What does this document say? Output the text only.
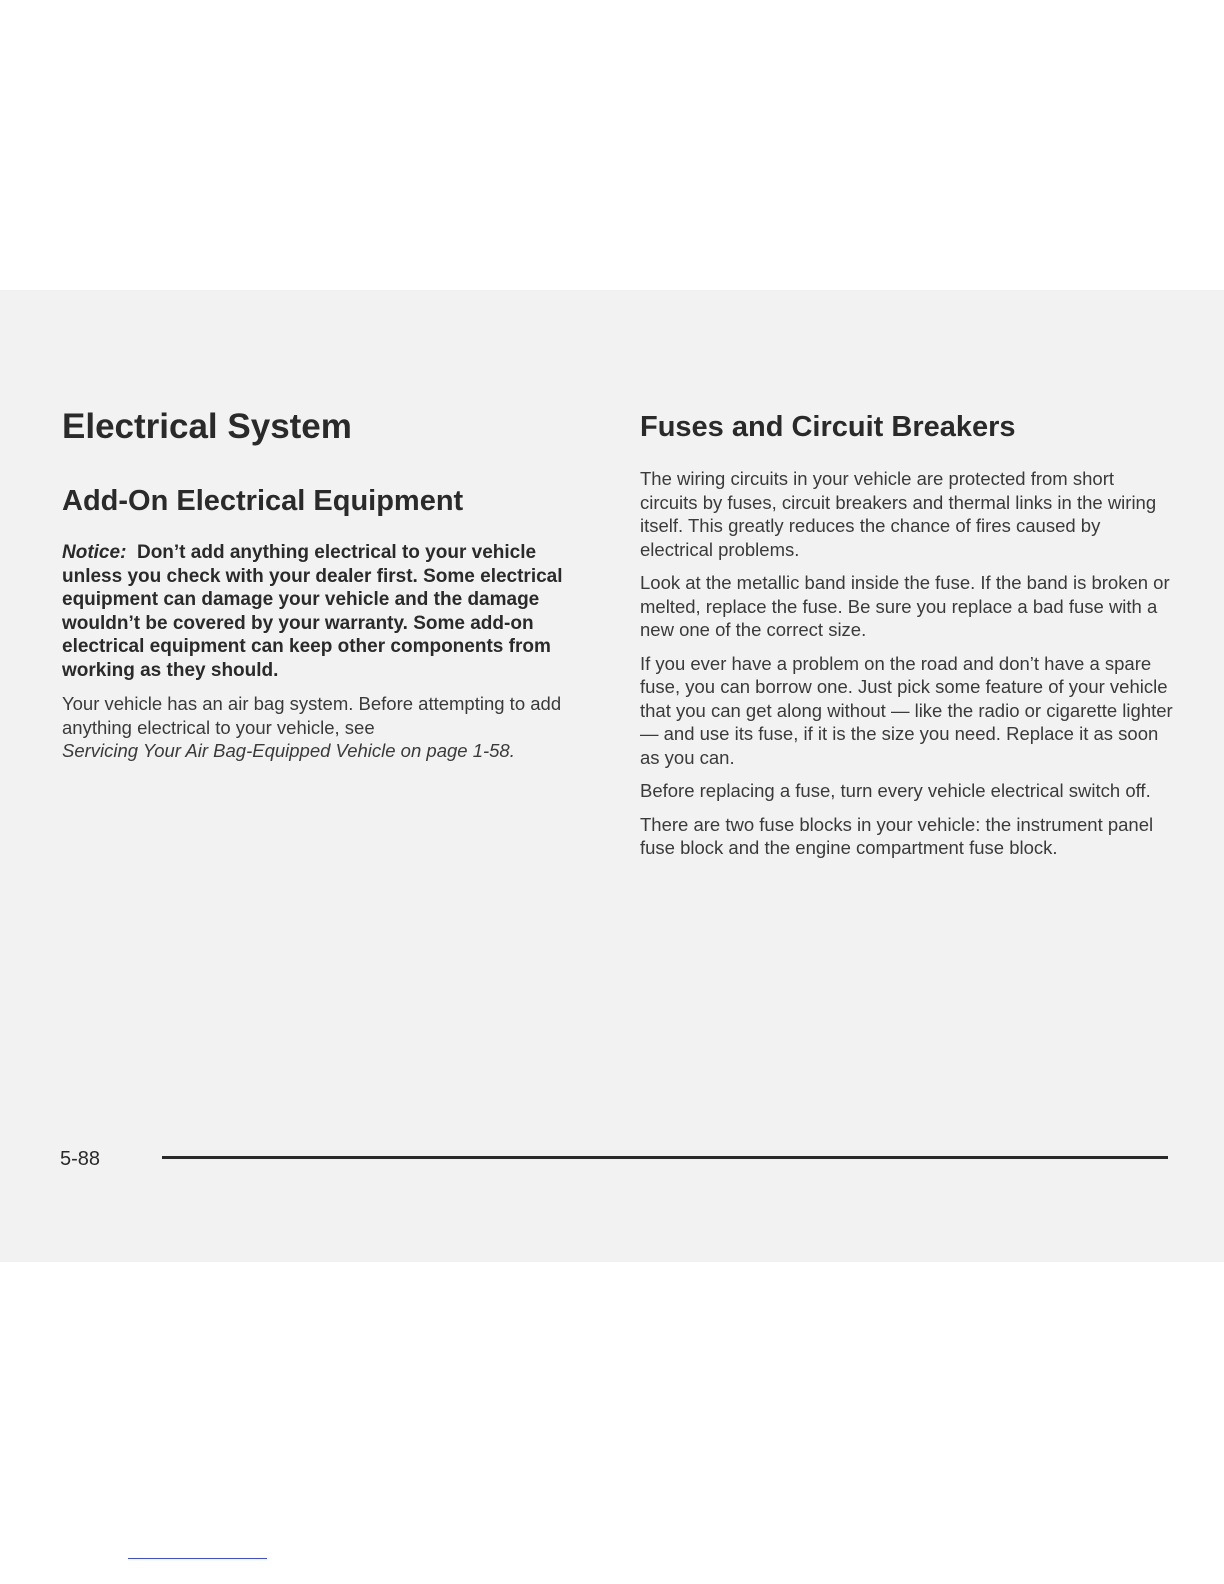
Electrical System
Add-On Electrical Equipment

Notice: Don’t add anything electrical to your vehicle unless you check with your dealer first. Some electrical equipment can damage your vehicle and the damage wouldn’t be covered by your warranty. Some add-on electrical equipment can keep other components from working as they should.

Your vehicle has an air bag system. Before attempting to add anything electrical to your vehicle, see
Servicing Your Air Bag-Equipped Vehicle on page 1-58.

Fuses and Circuit Breakers

The wiring circuits in your vehicle are protected from short circuits by fuses, circuit breakers and thermal links in the wiring itself. This greatly reduces the chance of fires caused by electrical problems.

Look at the metallic band inside the fuse. If the band is broken or melted, replace the fuse. Be sure you replace a bad fuse with a new one of the correct size.

If you ever have a problem on the road and don’t have a spare fuse, you can borrow one. Just pick some feature of your vehicle that you can get along without — like the radio or cigarette lighter — and use its fuse, if it is the size you need. Replace it as soon as you can.

Before replacing a fuse, turn every vehicle electrical switch off.

There are two fuse blocks in your vehicle: the instrument panel fuse block and the engine compartment fuse block.

5-88
